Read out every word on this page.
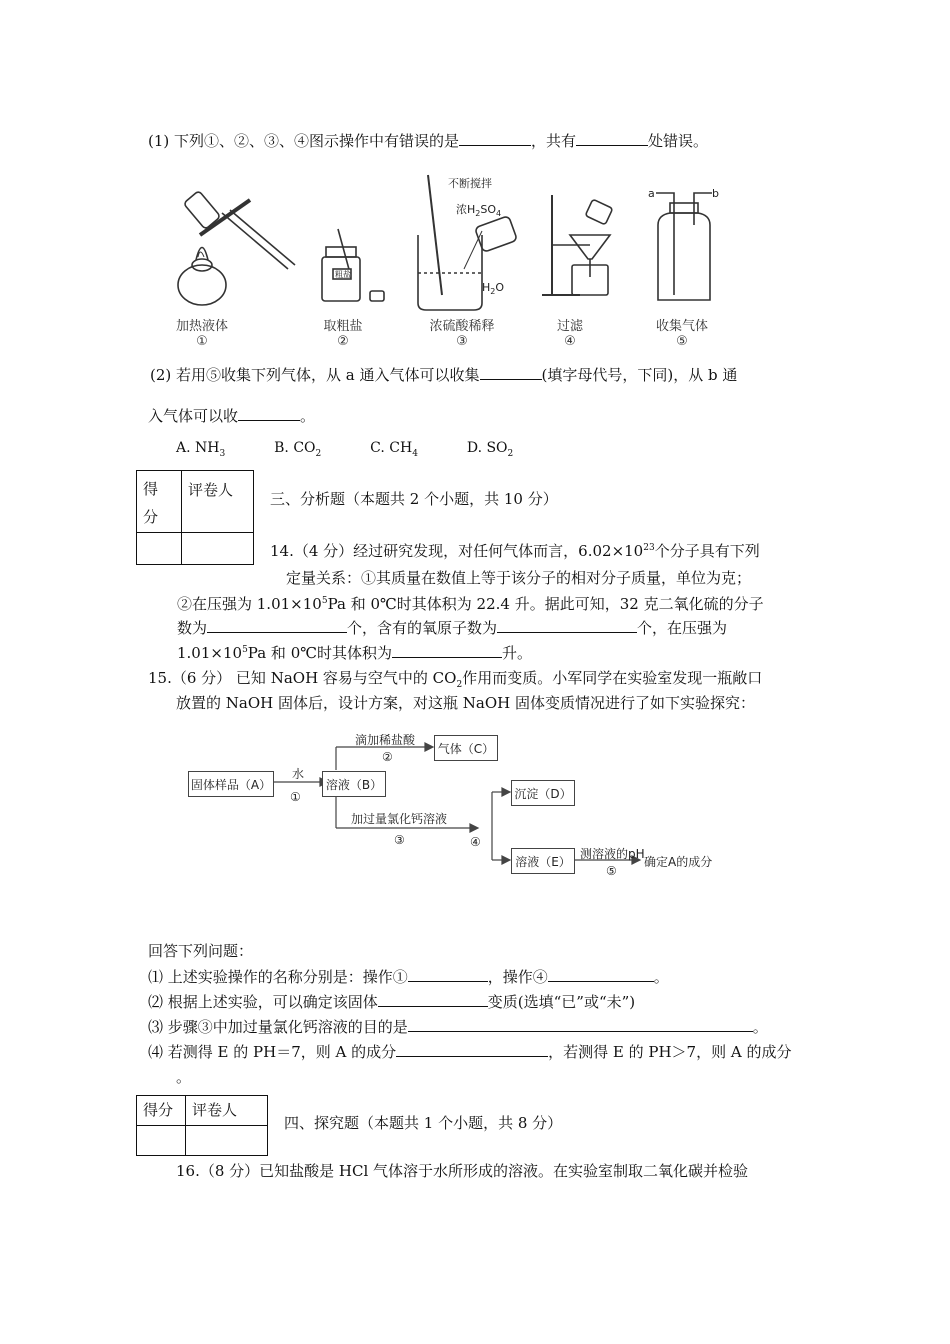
(1) 下列①、②、③、④图示操作中有错误的是	，共有	处错误。
不断搅拌
浓$H_2SO_4$
$H_2O$
粗盐
a	b
加热液体
①
取粗盐
②
浓硫酸稀释
③
过滤
④
收集气体
⑤
(2) 若用⑤收集下列气体，从 a 通入气体可以收集	(填字母代号，下同)，从 b 通
入气体可以收	。
A. $NH_3$	B. $CO_2$	C. $CH_4$	D. $SO_2$
得
分	评卷人
	三、分析题（本题共 2 个小题，共 10 分）
14.（4 分）经过研究发现，对任何气体而言，$6.02\times 10^{23}$个分子具有下列
定量关系：①其质量在数值上等于该分子的相对分子质量，单位为克；
②在压强为 $1.01\times 10^5Pa$ 和 0℃时其体积为 22.4 升。据此可知，32 克二氧化硫的分子
数为	个，含有的氧原子数为	个，在压强为
$1.01\times 10^5Pa$ 和 0℃时其体积为	升。
15.（6 分） 已知 NaOH 容易与空气中的 $CO_2$作用而变质。小军同学在实验室发现一瓶敞口
放置的 NaOH 固体后，设计方案，对这瓶 NaOH 固体变质情况进行了如下实验探究：
固体样品（A）	溶液（B）
气体（C）
沉淀（D）
溶液（E）
水
①
滴加稀盐酸
②
加过量氯化钙溶液
③	④
测溶液的pH
⑤
确定A的成分
回答下列问题：
⑴ 上述实验操作的名称分别是：操作①	，操作④	。
⑵ 根据上述实验，可以确定该固体	变质(选填“已”或“未”)
⑶ 步骤③中加过量氯化钙溶液的目的是	。
⑷ 若测得 E 的 PH＝7，则 A 的成分	，若测得 E 的 PH＞7，则 A 的成分
。
得分	评卷人

四、探究题（本题共 1 个小题，共 8 分）
16.（8 分）已知盐酸是 HCl 气体溶于水所形成的溶液。在实验室制取二氧化碳并检验
